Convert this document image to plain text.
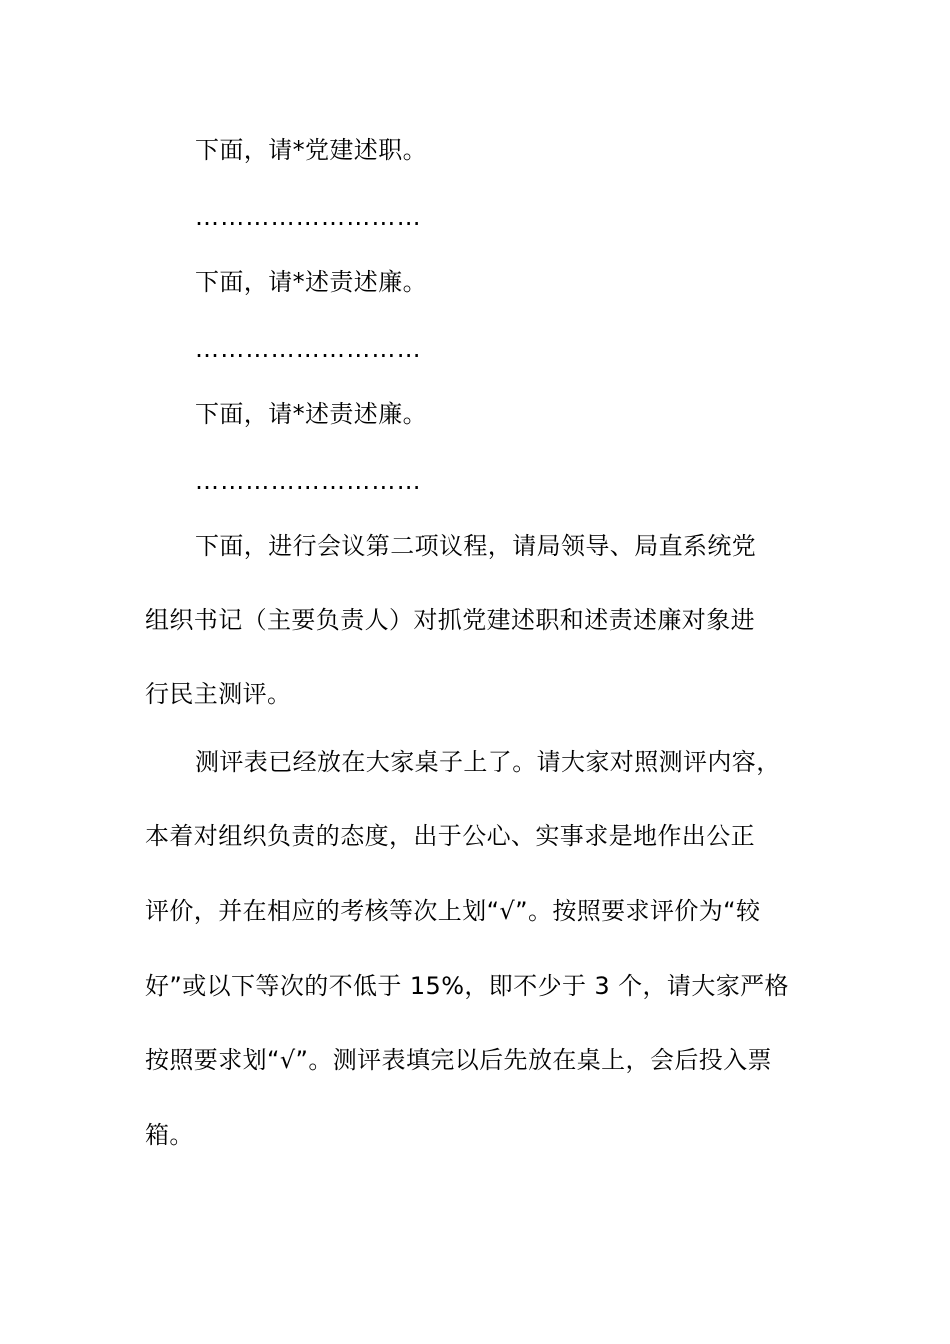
下面，请*党建述职。
………………………
下面，请*述责述廉。
………………………
下面，请*述责述廉。
………………………
下面，进行会议第二项议程，请局领导、局直系统党
组织书记（主要负责人）对抓党建述职和述责述廉对象进
行民主测评。
测评表已经放在大家桌子上了。请大家对照测评内容，
本着对组织负责的态度，出于公心、实事求是地作出公正
评价，并在相应的考核等次上划“√”。按照要求评价为“较
好”或以下等次的不低于 15%，即不少于 3 个，请大家严格
按照要求划“√”。测评表填完以后先放在桌上，会后投入票
箱。
